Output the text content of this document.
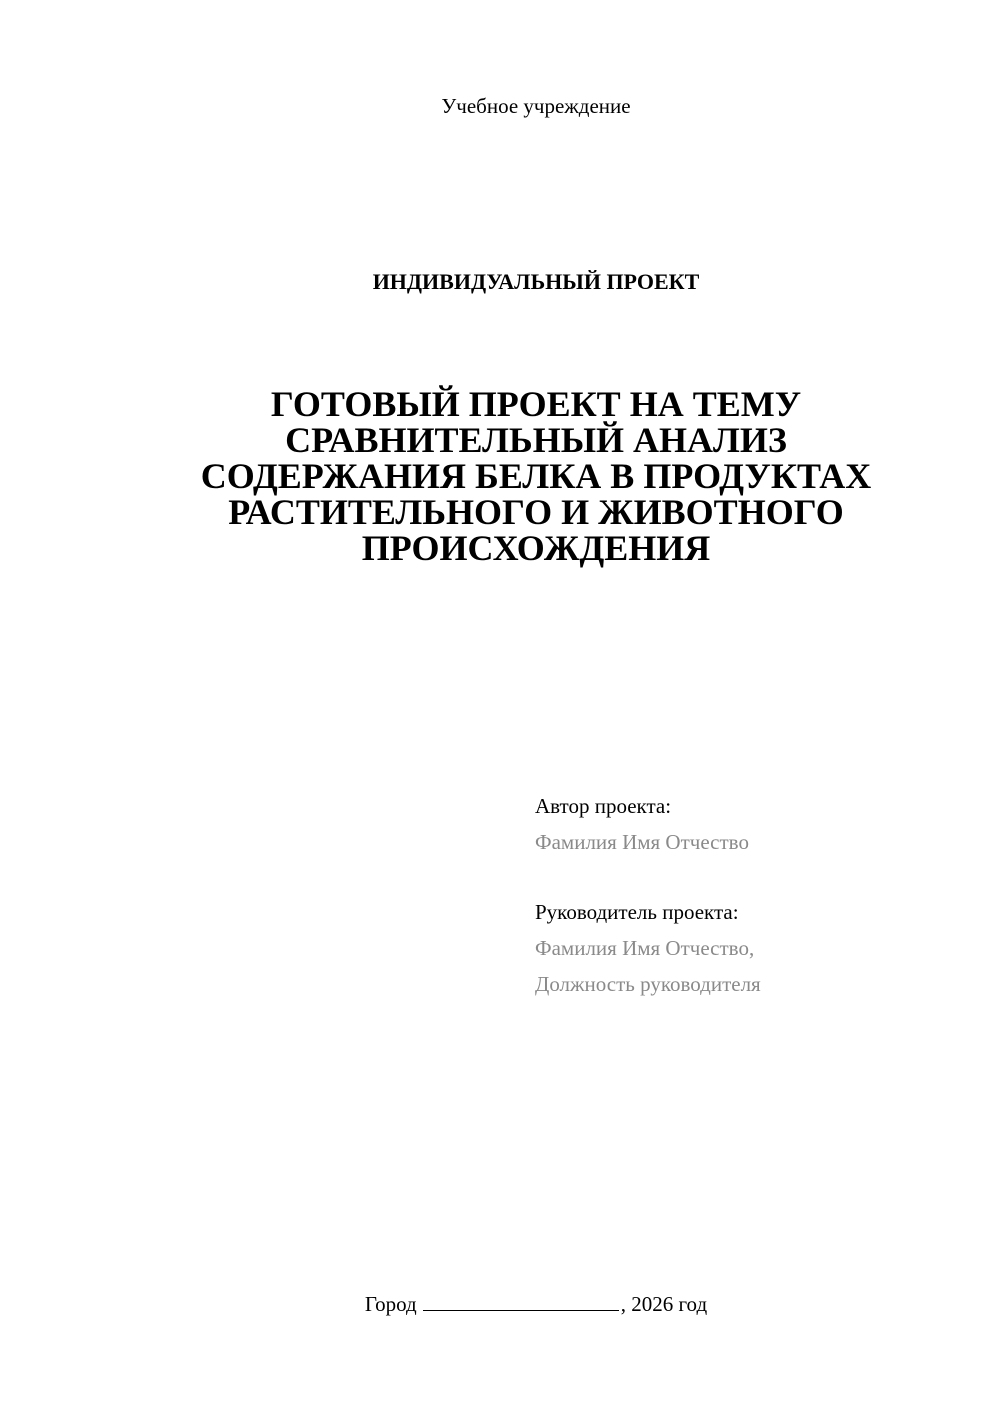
Учебное учреждение
ИНДИВИДУАЛЬНЫЙ ПРОЕКТ
ГОТОВЫЙ ПРОЕКТ НА ТЕМУ
СРАВНИТЕЛЬНЫЙ АНАЛИЗ
СОДЕРЖАНИЯ БЕЛКА В ПРОДУКТАХ
РАСТИТЕЛЬНОГО И ЖИВОТНОГО
ПРОИСХОЖДЕНИЯ
Автор проекта:
Фамилия Имя Отчество
Руководитель проекта:
Фамилия Имя Отчество,
Должность руководителя
Город	, 2026 год
